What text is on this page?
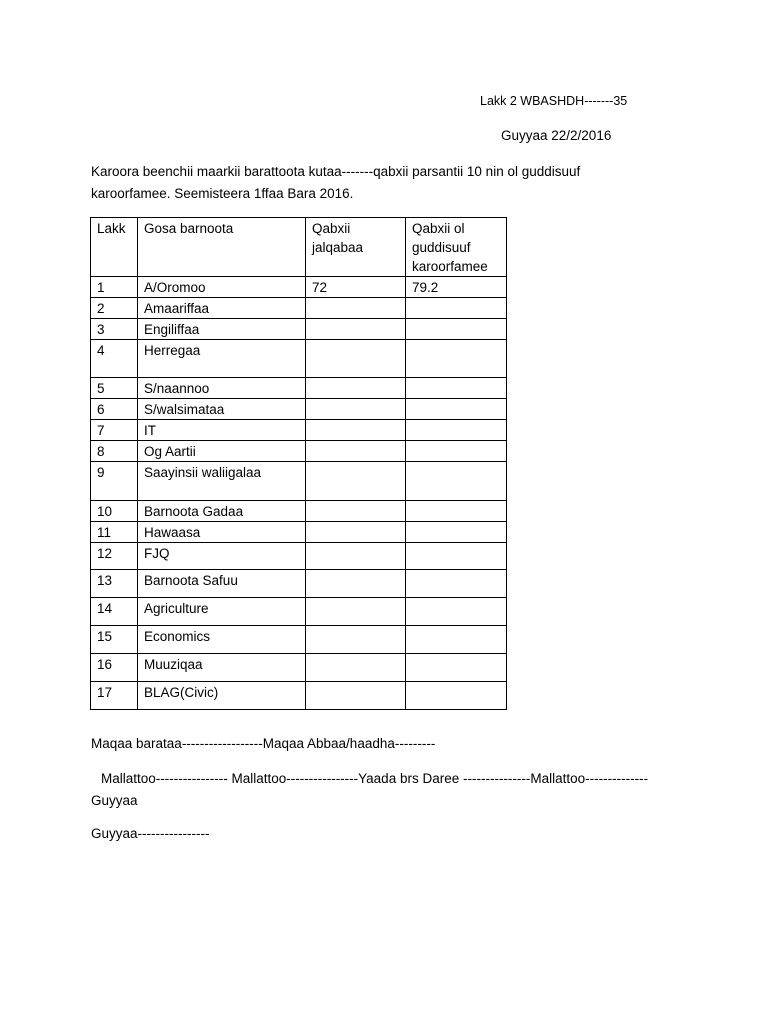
Lakk 2 WBASHDH-------35
Guyyaa 22/2/2016
Karoora beenchii maarkii barattoota kutaa-------qabxii parsantii 10 nin ol guddisuuf
karoorfamee. Seemisteera 1ffaa Bara 2016.
Lakk	Gosa barnoota	Qabxii jalqabaa	Qabxii ol guddisuuf karoorfamee
1	A/Oromoo	72	79.2
2	Amaariffaa		
3	Engiliffaa		
4	Herregaa		
5	S/naannoo		
6	S/walsimataa		
7	IT		
8	Og Aartii		
9	Saayinsii waliigalaa		
10	Barnoota Gadaa		
11	Hawaasa		
12	FJQ		
13	Barnoota Safuu		
14	Agriculture		
15	Economics		
16	Muuziqaa		
17	BLAG(Civic)		
Maqaa barataa------------------Maqaa Abbaa/haadha---------
Mallattoo---------------- Mallattoo----------------Yaada brs Daree ---------------Mallattoo--------------
Guyyaa
Guyyaa----------------
